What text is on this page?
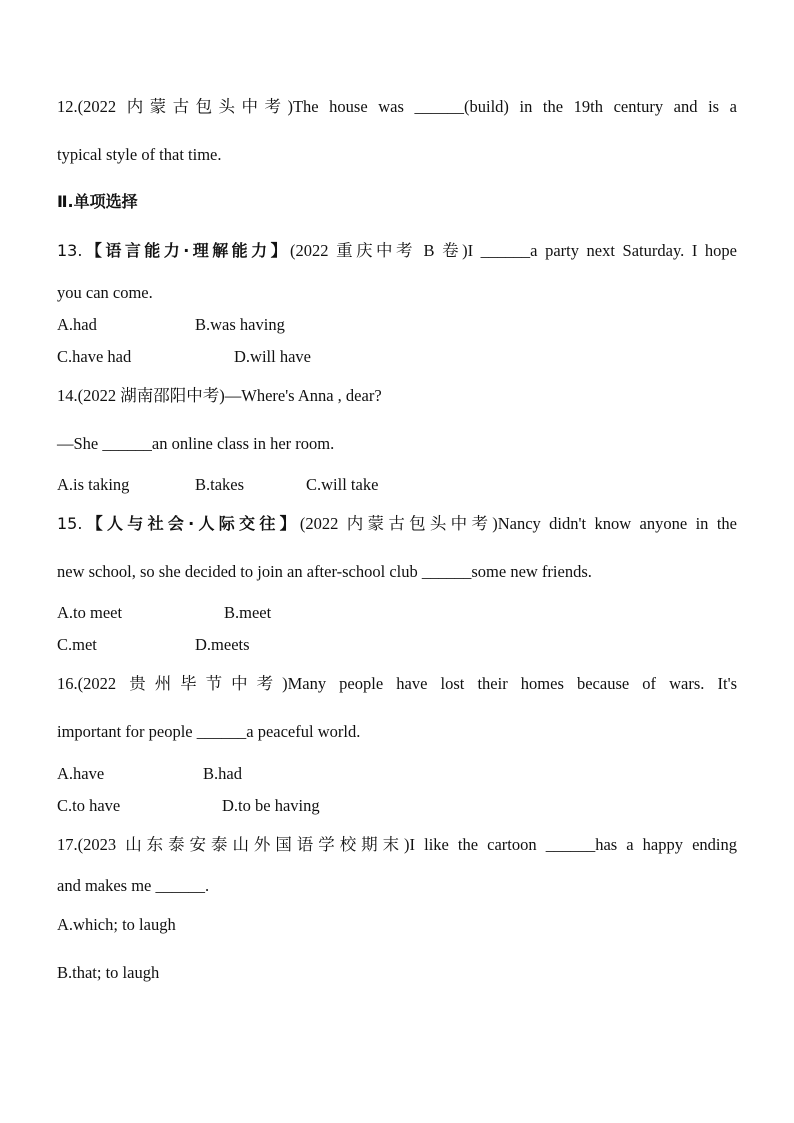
12.(2022 内蒙古包头中考)The house was ______(build) in the 19th century and is a
typical style of that time.
Ⅱ.单项选择
13.【语言能力·理解能力】(2022 重庆中考 B 卷)I ______a party next Saturday. I hope
you can come.
A.had	B.was having
C.have had	D.will have
14.(2022 湖南邵阳中考)—Where's Anna , dear?
—She ______an online class in her room.
A.is taking	B.takes	C.will take
15.【人与社会·人际交往】(2022 内蒙古包头中考)Nancy didn't know anyone in the
new school, so she decided to join an after-school club ______some new friends.
A.to meet	B.meet
C.met	D.meets
16.(2022 贵州毕节中考)Many people have lost their homes because of wars. It's
important for people ______a peaceful world.
A.have	B.had
C.to have	D.to be having
17.(2023 山东泰安泰山外国语学校期末)I like the cartoon ______has a happy ending
and makes me ______.
A.which; to laugh
B.that; to laugh
